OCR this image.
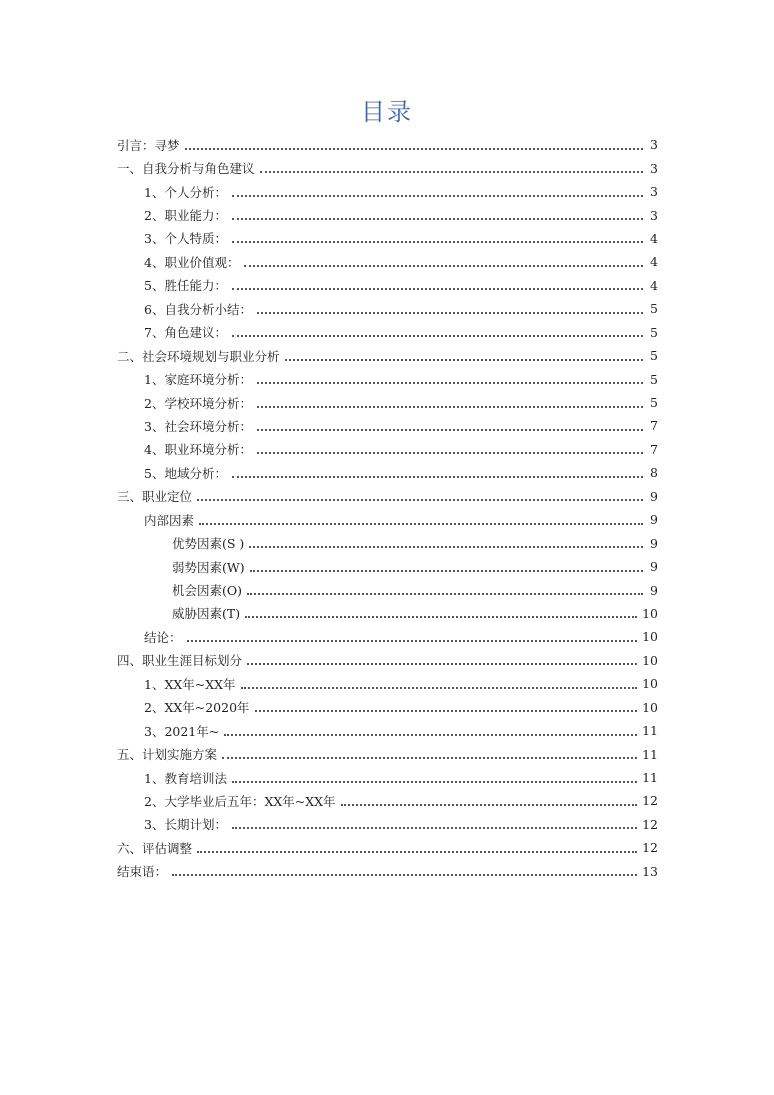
目录
引言：寻梦	3
一、自我分析与角色建议	3
1、个人分析：	3
2、职业能力：	3
3、个人特质：	4
4、职业价值观：	4
5、胜任能力：	4
6、自我分析小结：	5
7、角色建议：	5
二、社会环境规划与职业分析	5
1、家庭环境分析：	5
2、学校环境分析：	5
3、社会环境分析：	7
4、职业环境分析：	7
5、地域分析：	8
三、职业定位	9
内部因素	9
优势因素(S )	9
弱势因素(W)	9
机会因素(O)	9
威胁因素(T)	10
结论：	10
四、职业生涯目标划分	10
1、XX年~XX年	10
2、XX年~2020年	10
3、2021年~	11
五、计划实施方案	11
1、教育培训法	11
2、大学毕业后五年：XX年~XX年	12
3、长期计划：	12
六、评估调整	12
结束语：	13
